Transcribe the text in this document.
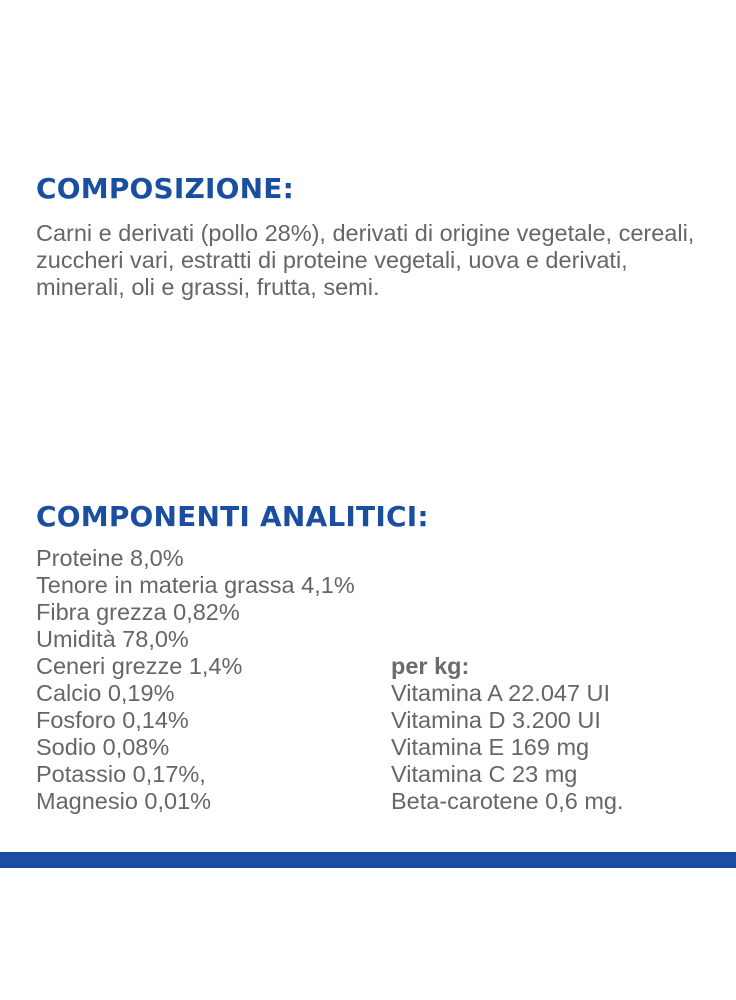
COMPOSIZIONE:

Carni e derivati (pollo 28%), derivati di origine vegetale, cereali, zuccheri vari, estratti di proteine vegetali, uova e derivati, minerali, oli e grassi, frutta, semi.

COMPONENTI ANALITICI:
Proteine 8,0%
Tenore in materia grassa 4,1%
Fibra grezza 0,82%
Umidità 78,0%
Ceneri grezze 1,4%
Calcio 0,19%
Fosforo 0,14%
Sodio 0,08%
Potassio 0,17%,
Magnesio 0,01%
per kg:
Vitamina A 22.047 UI
Vitamina D 3.200 UI
Vitamina E 169 mg
Vitamina C 23 mg
Beta-carotene 0,6 mg.
